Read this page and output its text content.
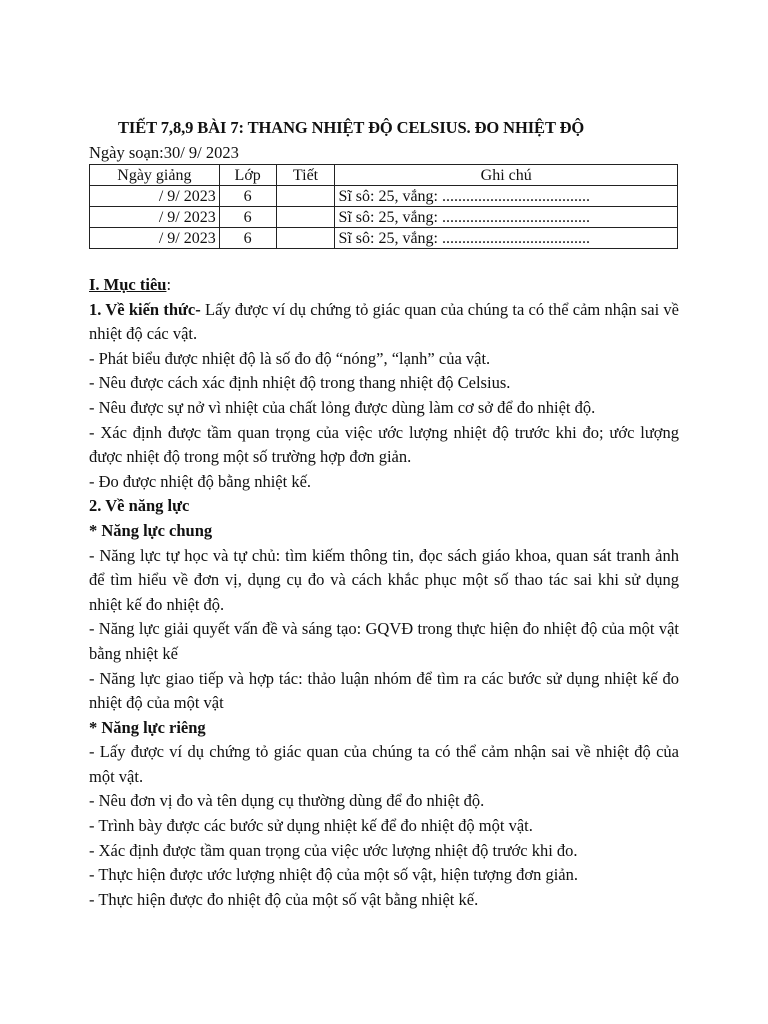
TIẾT 7,8,9 BÀI 7: THANG NHIỆT ĐỘ CELSIUS. ĐO NHIỆT ĐỘ
Ngày soạn:30/ 9/ 2023
Ngày giảng	Lớp	Tiết	Ghi chú
/ 9/ 2023	6		Sĩ sô: 25, vắng: .....................................
/ 9/ 2023	6		Sĩ sô: 25, vắng: .....................................
/ 9/ 2023	6		Sĩ sô: 25, vắng: .....................................

I. Mục tiêu:

1. Về kiến thức- Lấy được ví dụ chứng tỏ giác quan của chúng ta có thể cảm nhận sai về nhiệt độ các vật.

- Phát biểu được nhiệt độ là số đo độ “nóng”, “lạnh” của vật.

- Nêu được cách xác định nhiệt độ trong thang nhiệt độ Celsius.

- Nêu được sự nở vì nhiệt của chất lỏng được dùng làm cơ sở để đo nhiệt độ.

- Xác định được tầm quan trọng của việc ước lượng nhiệt độ trước khi đo; ước lượng được nhiệt độ trong một số trường hợp đơn giản.

- Đo được nhiệt độ bằng nhiệt kế.

2. Về năng lực

* Năng lực chung

- Năng lực tự học và tự chủ: tìm kiếm thông tin, đọc sách giáo khoa, quan sát tranh ảnh để tìm hiểu về đơn vị, dụng cụ đo và cách khắc phục một số thao tác sai khi sử dụng nhiệt kế đo nhiệt độ.

- Năng lực giải quyết vấn đề và sáng tạo: GQVĐ trong thực hiện đo nhiệt độ của một vật bằng nhiệt kế

- Năng lực giao tiếp và hợp tác: thảo luận nhóm để tìm ra các bước sử dụng nhiệt kế đo nhiệt độ của một vật

* Năng lực riêng

- Lấy được ví dụ chứng tỏ giác quan của chúng ta có thể cảm nhận sai về nhiệt độ của một vật.

- Nêu đơn vị đo và tên dụng cụ thường dùng để đo nhiệt độ.

- Trình bày được các bước sử dụng nhiệt kế để đo nhiệt độ một vật.

- Xác định được tầm quan trọng của việc ước lượng nhiệt độ trước khi đo.

- Thực hiện được ước lượng nhiệt độ của một số vật, hiện tượng đơn giản.

- Thực hiện được đo nhiệt độ của một số vật bằng nhiệt kế.
